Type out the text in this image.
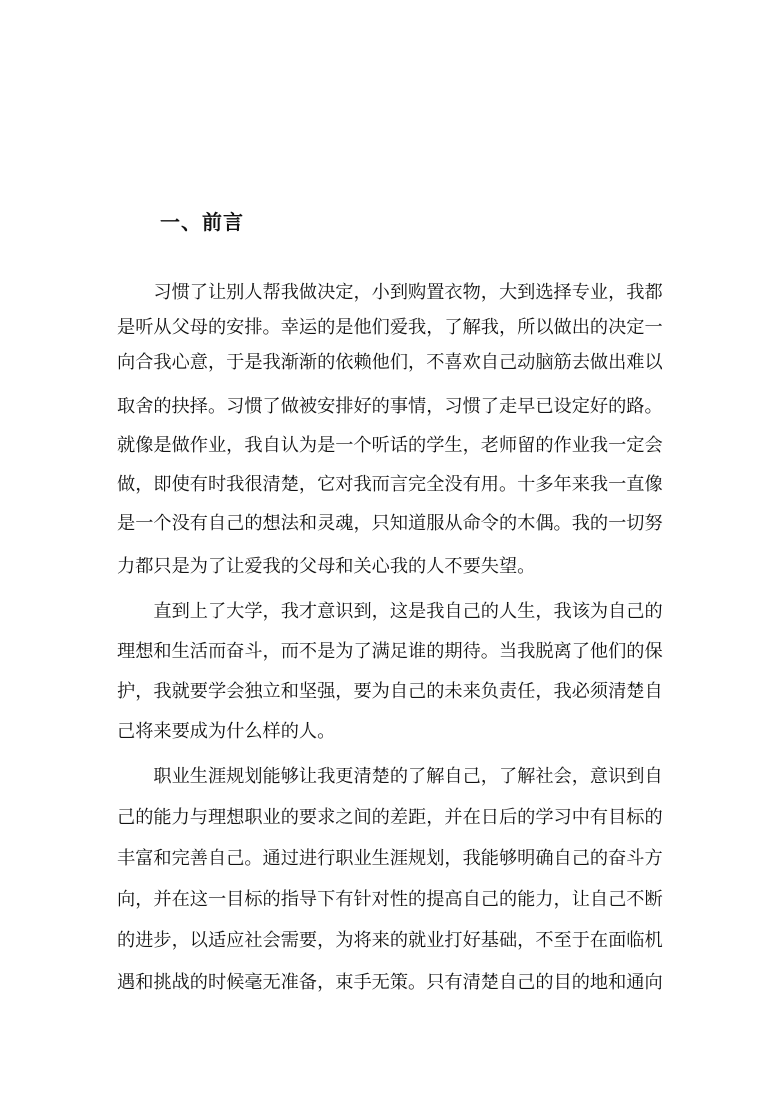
一、前言
　　习惯了让别人帮我做决定，小到购置衣物，大到选择专业，我都
是听从父母的安排。幸运的是他们爱我，了解我，所以做出的决定一
向合我心意，于是我渐渐的依赖他们，不喜欢自己动脑筋去做出难以
取舍的抉择。习惯了做被安排好的事情，习惯了走早已设定好的路。
就像是做作业，我自认为是一个听话的学生，老师留的作业我一定会
做，即使有时我很清楚，它对我而言完全没有用。十多年来我一直像
是一个没有自己的想法和灵魂，只知道服从命令的木偶。我的一切努
力都只是为了让爱我的父母和关心我的人不要失望。
　　直到上了大学，我才意识到，这是我自己的人生，我该为自己的
理想和生活而奋斗，而不是为了满足谁的期待。当我脱离了他们的保
护，我就要学会独立和坚强，要为自己的未来负责任，我必须清楚自
己将来要成为什么样的人。
　　职业生涯规划能够让我更清楚的了解自己，了解社会，意识到自
己的能力与理想职业的要求之间的差距，并在日后的学习中有目标的
丰富和完善自己。通过进行职业生涯规划，我能够明确自己的奋斗方
向，并在这一目标的指导下有针对性的提高自己的能力，让自己不断
的进步，以适应社会需要，为将来的就业打好基础，不至于在面临机
遇和挑战的时候毫无准备，束手无策。只有清楚自己的目的地和通向
